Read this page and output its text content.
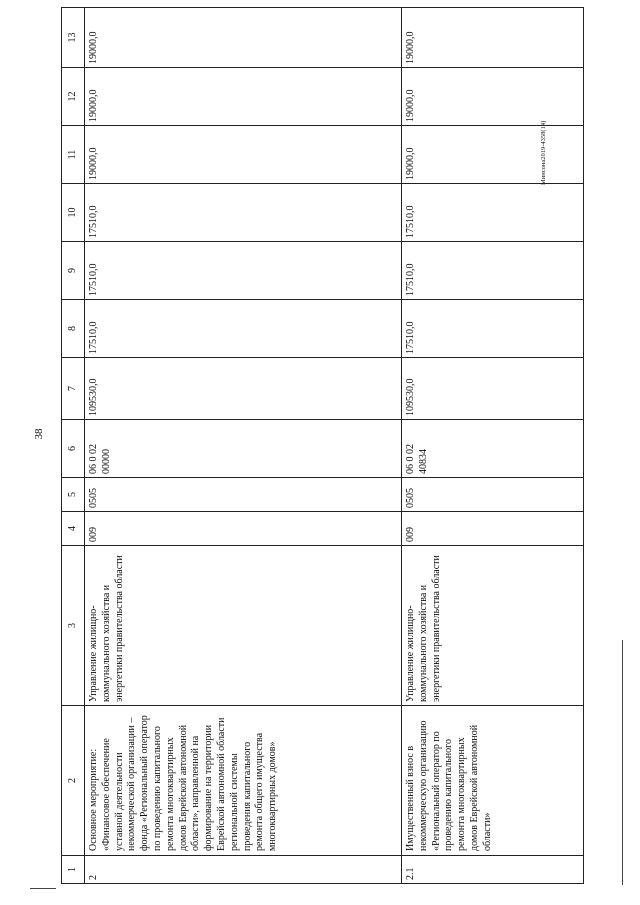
38
Минсона2019-4358(14)
1	2	3	4	5	6	7	8	9	10	11	12	13
2	Основное мероприятие: «Финансовое обеспечение уставной деятельности некоммерческой организации – фонда «Региональный оператор по проведению капитального ремонта многоквартирных домов Еврейской автономной области», направленной на формирование на территории Еврейской автономной области региональной системы проведения капитального ремонта общего имущества многоквартирных домов»	Управление жилищно-коммунального хозяйства и энергетики правительства области	009	0505	06 0 02 00000	109530,0	17510,0	17510,0	17510,0	19000,0	19000,0	19000,0
2.1	Имущественный взнос в некоммерческую организацию «Региональный оператор по проведению капитального ремонта многоквартирных домов Еврейской автономной области»	Управление жилищно-коммунального хозяйства и энергетики правительства области	009	0505	06 0 02 40834	109530,0	17510,0	17510,0	17510,0	19000,0	19000,0	19000,0
